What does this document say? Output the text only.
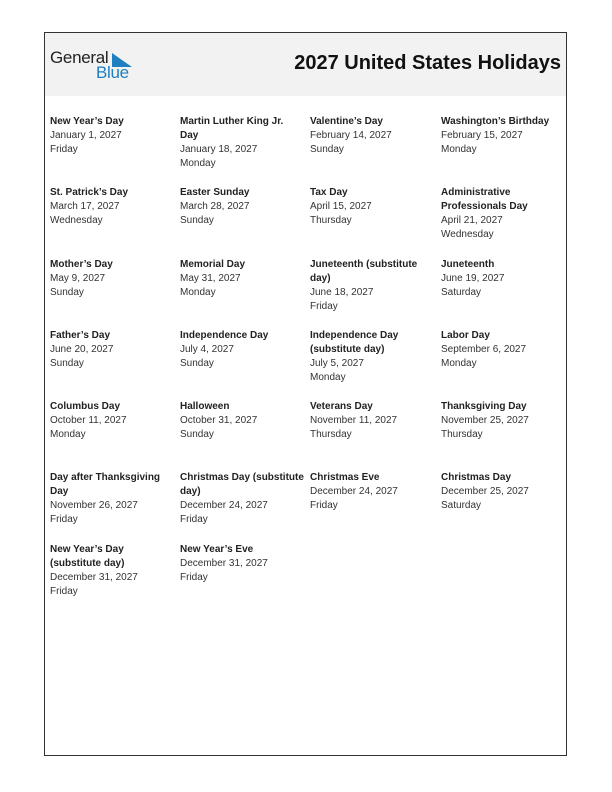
General
Blue	2027 United States Holidays
New Year’s Day
January 1, 2027
Friday
Martin Luther King Jr. Day
January 18, 2027
Monday
Valentine’s Day
February 14, 2027
Sunday
Washington’s Birthday
February 15, 2027
Monday
St. Patrick’s Day
March 17, 2027
Wednesday
Easter Sunday
March 28, 2027
Sunday
Tax Day
April 15, 2027
Thursday
Administrative Professionals Day
April 21, 2027
Wednesday
Mother’s Day
May 9, 2027
Sunday
Memorial Day
May 31, 2027
Monday
Juneteenth (substitute day)
June 18, 2027
Friday
Juneteenth
June 19, 2027
Saturday
Father’s Day
June 20, 2027
Sunday
Independence Day
July 4, 2027
Sunday
Independence Day (substitute day)
July 5, 2027
Monday
Labor Day
September 6, 2027
Monday
Columbus Day
October 11, 2027
Monday
Halloween
October 31, 2027
Sunday
Veterans Day
November 11, 2027
Thursday
Thanksgiving Day
November 25, 2027
Thursday
Day after Thanksgiving Day
November 26, 2027
Friday
Christmas Day (substitute day)
December 24, 2027
Friday
Christmas Eve
December 24, 2027
Friday
Christmas Day
December 25, 2027
Saturday
New Year’s Day (substitute day)
December 31, 2027
Friday
New Year’s Eve
December 31, 2027
Friday
